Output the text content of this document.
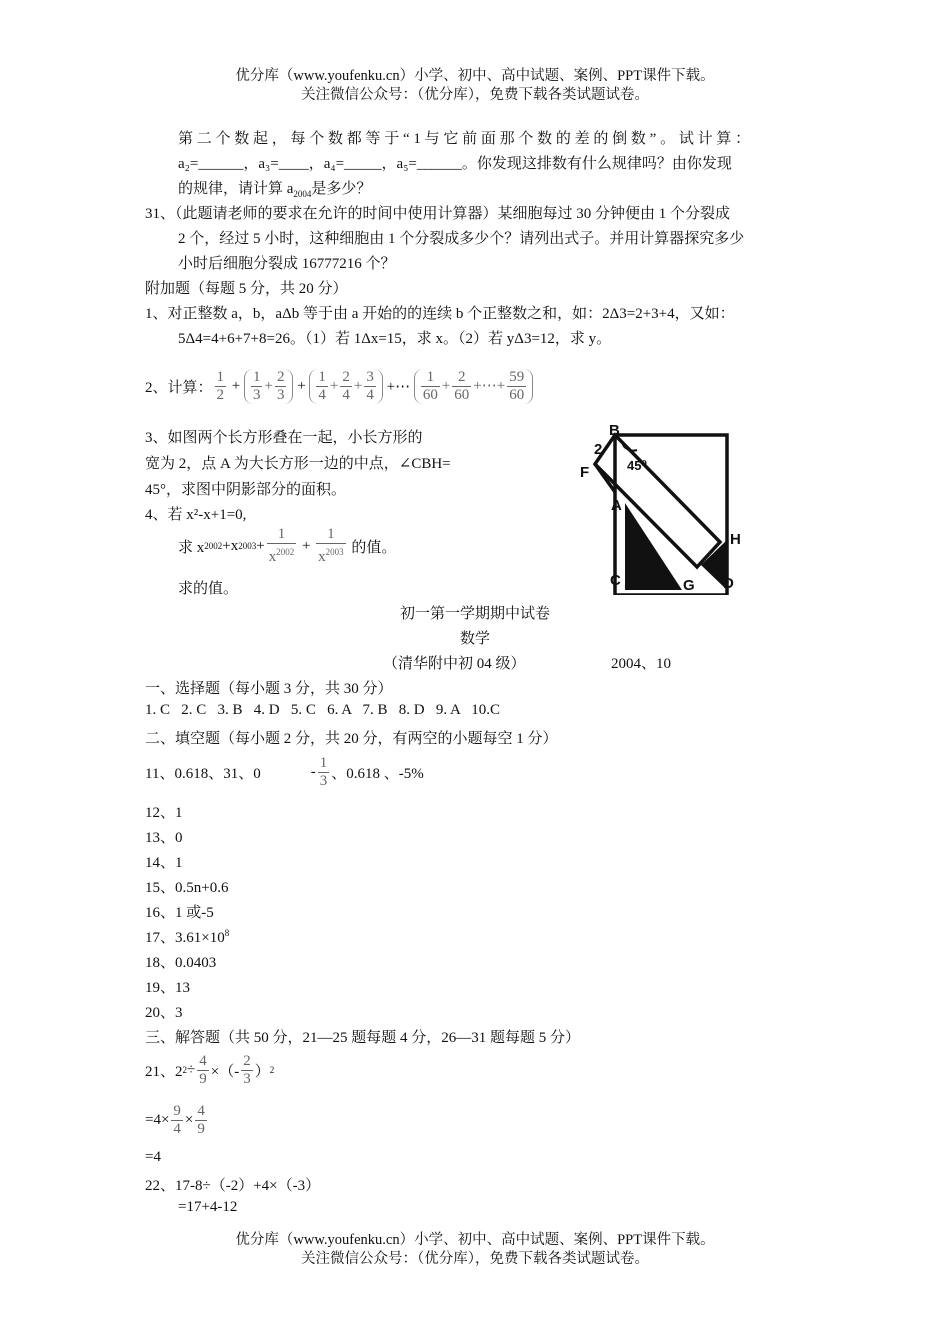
优分库（www.youfenku.cn）小学、初中、高中试题、案例、PPT课件下载。
关注微信公众号：（优分库），免费下载各类试题试卷。
第 二 个 数 起 ， 每 个 数 都 等 于 “ 1 与 它 前 面 那 个 数 的 差 的 倒 数 ” 。 试 计 算 ：
a₂=______，a₃=____，a₄=_____，a₅=______。你发现这排数有什么规律吗？由你发现
的规律，请计算 $a_{2004}$是多少？
31、（此题请老师的要求在允许的时间中使用计算器）某细胞每过 30 分钟便由 1 个分裂成
2 个，经过 5 小时，这种细胞由 1 个分裂成多少个？请列出式子。并用计算器探究多少
小时后细胞分裂成 16777216 个？
附加题（每题 5 分，共 20 分）
1、对正整数 a，b，aΔb 等于由 a 开始的的连续 b 个正整数之和，如：2Δ3=2+3+4，又如：
5Δ4=4+6+7+8=26。（1）若 1Δx=15，求 x。（2）若 yΔ3=12，求 y。
2、计算： $\frac{1}{2} + \frac{1}{3} + \frac{2}{3} + \frac{1}{4} + \frac{2}{4} + \frac{3}{4}$ +⋯ $\frac{1}{60} + \frac{2}{60}$ +⋯+ $\frac{59}{60}$
3、如图两个长方形叠在一起，小长方形的
宽为 2，点 A 为大长方形一边的中点，∠CBH=
45°，求图中阴影部分的面积。
4、若 x²-x+1=0,
求 x 2002 +x $2003 + \frac{1}{x^{2002}} + \frac{1}{x^{2003}}$
的值。
求的值。
B
2
F
A
45⁰
H
C	G D
初一第一学期期中试卷
数学
（清华附中初 04 级）	2004、10
一、选择题（每小题 3 分，共 30 分）
1. C   2. C   3. B   4. D   5. C   6. A   7. B   8. D   9. A   10.C
二、填空题（每小题 2 分，共 20 分，有两空的小题每空 1 分）
11、0.618、31、0	- $\frac{1}{3}$ 、0.618 、-5%
12、1
13、0
14、1
15、0.5n+0.6
16、1 或-5
17、$3.61\times 10^8$
18、0.0403
19、13
20、3
三、解答题（共 50 分，21—25 题每题 4 分，26—31 题每题 5 分）
21、2 $2 \div \frac{4}{9}$ ×（- $\frac{2}{3}$ ） 2
$=4\times \frac{9}{4} \times \frac{4}{9}$
=4
22、17-8÷（-2）+4×（-3）
=17+4-12
优分库（www.youfenku.cn）小学、初中、高中试题、案例、PPT课件下载。
关注微信公众号：（优分库），免费下载各类试题试卷。
